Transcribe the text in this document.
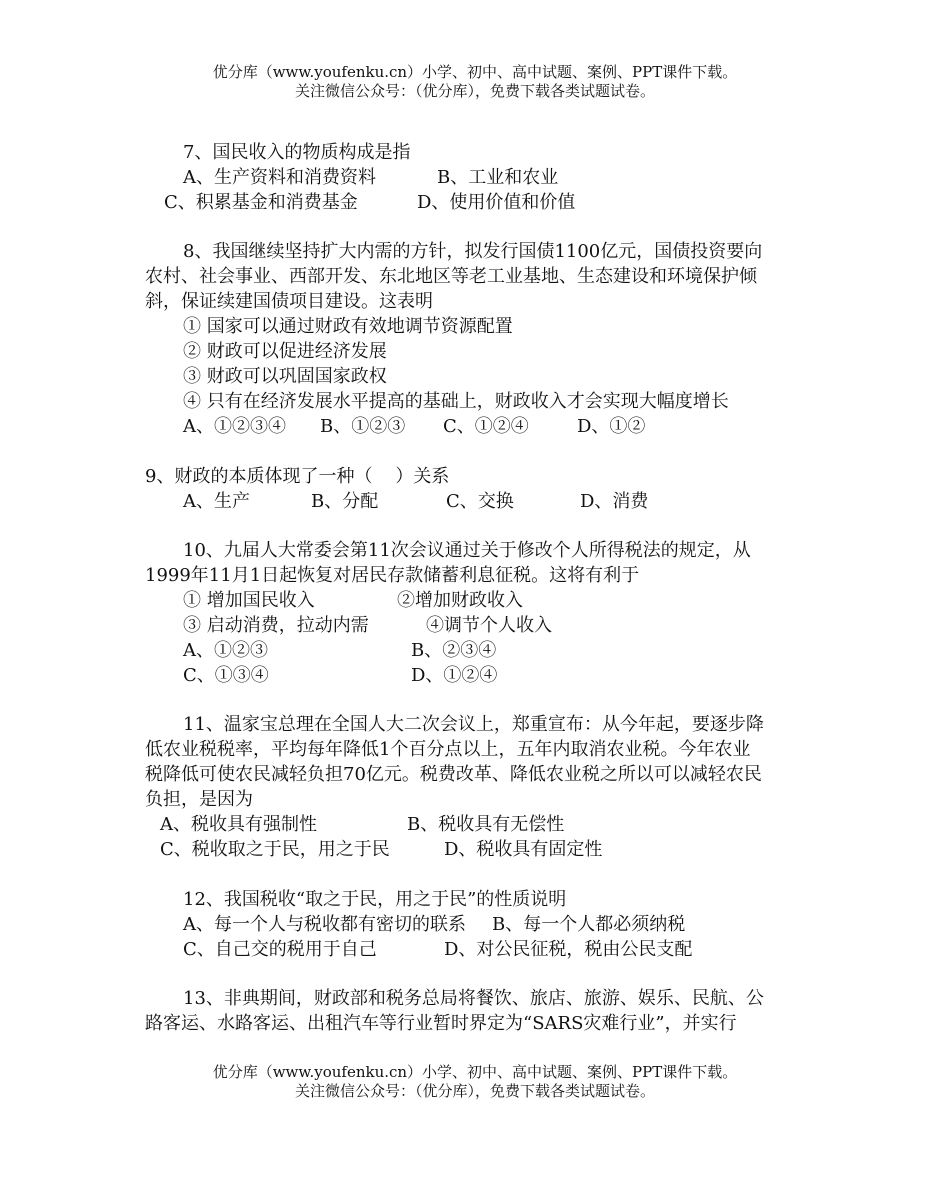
优分库（www.youfenku.cn）小学、初中、高中试题、案例、PPT课件下载。
关注微信公众号：（优分库），免费下载各类试题试卷。
7、国民收入的物质构成是指
A、生产资料和消费资料	B、工业和农业
C、积累基金和消费基金	D、使用价值和价值
8、我国继续坚持扩大内需的方针，拟发行国债1100亿元，国债投资要向
农村、社会事业、西部开发、东北地区等老工业基地、生态建设和环境保护倾
斜，保证续建国债项目建设。这表明
① 国家可以通过财政有效地调节资源配置
② 财政可以促进经济发展
③ 财政可以巩固国家政权
④ 只有在经济发展水平提高的基础上，财政收入才会实现大幅度增长
A、①②③④ B、①②③ C、①②④	D、①②
9、财政的本质体现了一种（    ）关系
A、生产	B、分配	C、交换	D、消费
10、九届人大常委会第11次会议通过关于修改个人所得税法的规定，从
1999年11月1日起恢复对居民存款储蓄利息征税。这将有利于
① 增加国民收入	②增加财政收入
③ 启动消费，拉动内需	④调节个人收入
A、①②③	B、②③④
C、①③④	D、①②④
11、温家宝总理在全国人大二次会议上，郑重宣布：从今年起，要逐步降
低农业税税率，平均每年降低1个百分点以上，五年内取消农业税。今年农业
税降低可使农民减轻负担70亿元。税费改革、降低农业税之所以可以减轻农民
负担，是因为
A、税收具有强制性	B、税收具有无偿性
C、税收取之于民，用之于民	D、税收具有固定性
12、我国税收“取之于民，用之于民”的性质说明
A、每一个人与税收都有密切的联系 B、每一个人都必须纳税
C、自己交的税用于自己	D、对公民征税，税由公民支配
13、非典期间，财政部和税务总局将餐饮、旅店、旅游、娱乐、民航、公
路客运、水路客运、出租汽车等行业暂时界定为“SARS灾难行业”，并实行
优分库（www.youfenku.cn）小学、初中、高中试题、案例、PPT课件下载。
关注微信公众号：（优分库），免费下载各类试题试卷。
